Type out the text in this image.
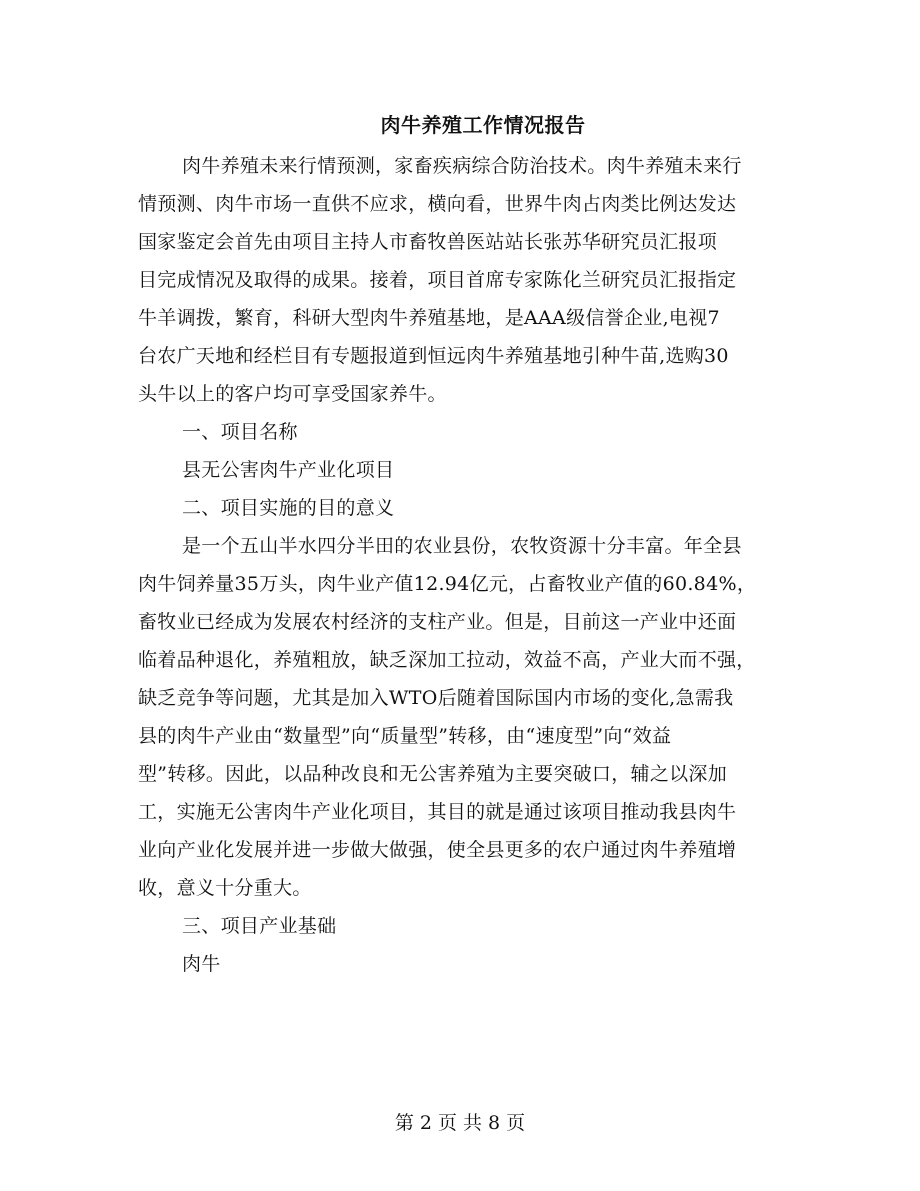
肉牛养殖工作情况报告
肉牛养殖未来行情预测，家畜疾病综合防治技术。肉牛养殖未来行
情预测、肉牛市场一直供不应求，横向看，世界牛肉占肉类比例达发达
国家鉴定会首先由项目主持人市畜牧兽医站站长张苏华研究员汇报项
目完成情况及取得的成果。接着，项目首席专家陈化兰研究员汇报指定
牛羊调拨，繁育，科研大型肉牛养殖基地，是AAA级信誉企业,电视7
台农广天地和经栏目有专题报道到恒远肉牛养殖基地引种牛苗,选购30
头牛以上的客户均可享受国家养牛。
一、项目名称
县无公害肉牛产业化项目
二、项目实施的目的意义
是一个五山半水四分半田的农业县份，农牧资源十分丰富。年全县
肉牛饲养量35万头，肉牛业产值12.94亿元，占畜牧业产值的60.84%，
畜牧业已经成为发展农村经济的支柱产业。但是，目前这一产业中还面
临着品种退化，养殖粗放，缺乏深加工拉动，效益不高，产业大而不强，
缺乏竞争等问题，尤其是加入WTO后随着国际国内市场的变化,急需我
县的肉牛产业由“数量型”向“质量型”转移，由“速度型”向“效益
型”转移。因此，以品种改良和无公害养殖为主要突破口，辅之以深加
工，实施无公害肉牛产业化项目，其目的就是通过该项目推动我县肉牛
业向产业化发展并进一步做大做强，使全县更多的农户通过肉牛养殖增
收，意义十分重大。
三、项目产业基础
肉牛
第 2 页 共 8 页
